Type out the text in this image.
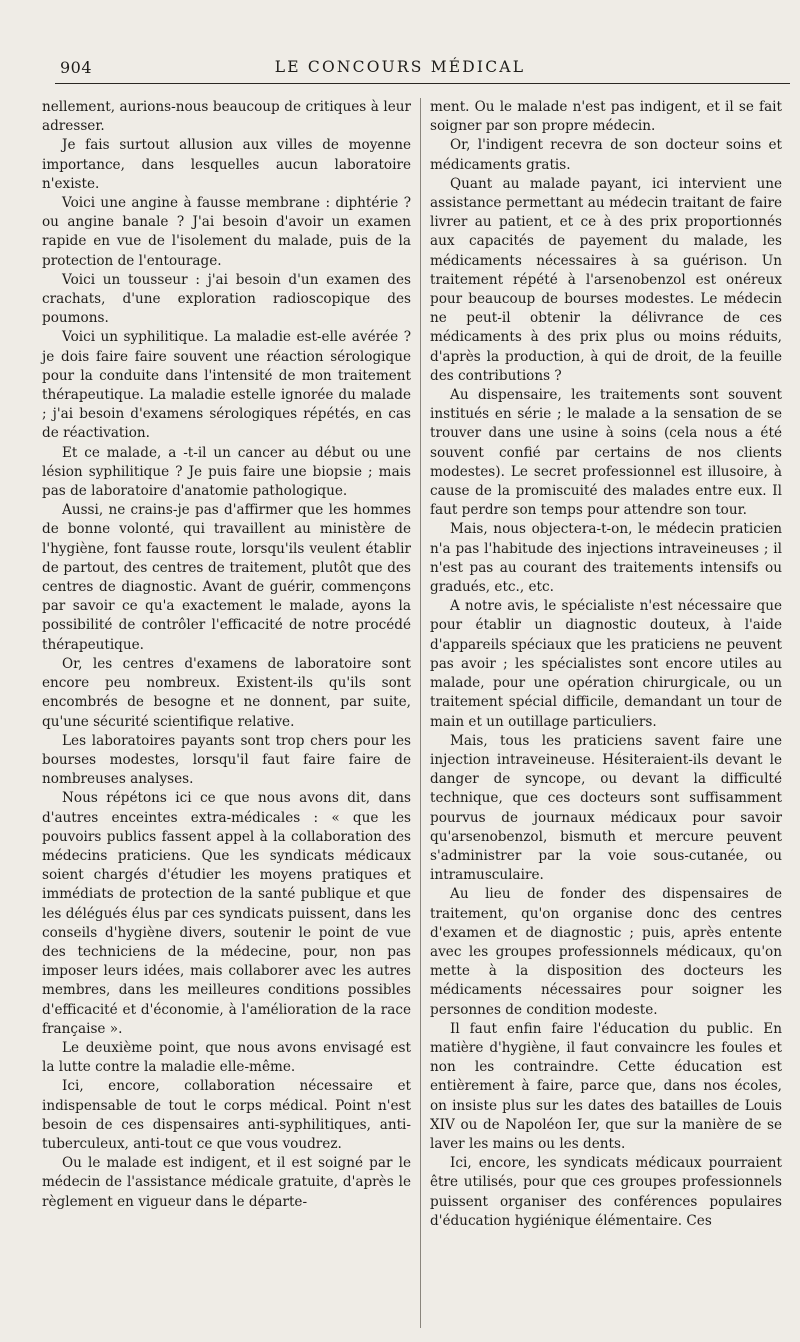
904	LE CONCOURS MÉDICAL

nellement, aurions-nous beaucoup de critiques à leur adresser.

Je fais surtout allusion aux villes de moyenne importance, dans lesquelles aucun laboratoire n'existe.

Voici une angine à fausse membrane : diphtérie ? ou angine banale ? J'ai besoin d'avoir un examen rapide en vue de l'isolement du malade, puis de la protection de l'entourage.

Voici un tousseur : j'ai besoin d'un examen des crachats, d'une exploration radioscopique des poumons.

Voici un syphilitique. La maladie est-elle avérée ? je dois faire faire souvent une réaction sérologique pour la conduite dans l'intensité de mon traitement thérapeutique. La maladie estelle ignorée du malade ; j'ai besoin d'examens sérologiques répétés, en cas de réactivation.

Et ce malade, a -t-il un cancer au début ou une lésion syphilitique ? Je puis faire une biopsie ; mais pas de laboratoire d'anatomie pathologique.

Aussi, ne crains-je pas d'affirmer que les hommes de bonne volonté, qui travaillent au ministère de l'hygiène, font fausse route, lorsqu'ils veulent établir de partout, des centres de traitement, plutôt que des centres de diagnostic. Avant de guérir, commençons par savoir ce qu'a exactement le malade, ayons la possibilité de contrôler l'efficacité de notre procédé thérapeutique.

Or, les centres d'examens de laboratoire sont encore peu nombreux. Existent-ils qu'ils sont encombrés de besogne et ne donnent, par suite, qu'une sécurité scientifique relative.

Les laboratoires payants sont trop chers pour les bourses modestes, lorsqu'il faut faire faire de nombreuses analyses.

Nous répétons ici ce que nous avons dit, dans d'autres enceintes extra-médicales : « que les pouvoirs publics fassent appel à la collaboration des médecins praticiens. Que les syndicats médicaux soient chargés d'étudier les moyens pratiques et immédiats de protection de la santé publique et que les délégués élus par ces syndicats puissent, dans les conseils d'hygiène divers, soutenir le point de vue des techniciens de la médecine, pour, non pas imposer leurs idées, mais collaborer avec les autres membres, dans les meilleures conditions possibles d'efficacité et d'économie, à l'amélioration de la race française ».

Le deuxième point, que nous avons envisagé est la lutte contre la maladie elle-même.

Ici, encore, collaboration nécessaire et indispensable de tout le corps médical. Point n'est besoin de ces dispensaires anti-syphilitiques, anti-tuberculeux, anti-tout ce que vous voudrez.

Ou le malade est indigent, et il est soigné par le médecin de l'assistance médicale gratuite, d'après le règlement en vigueur dans le départe-

ment. Ou le malade n'est pas indigent, et il se fait soigner par son propre médecin.

Or, l'indigent recevra de son docteur soins et médicaments gratis.

Quant au malade payant, ici intervient une assistance permettant au médecin traitant de faire livrer au patient, et ce à des prix proportionnés aux capacités de payement du malade, les médicaments nécessaires à sa guérison. Un traitement répété à l'arsenobenzol est onéreux pour beaucoup de bourses modestes. Le médecin ne peut-il obtenir la délivrance de ces médicaments à des prix plus ou moins réduits, d'après la production, à qui de droit, de la feuille des contributions ?

Au dispensaire, les traitements sont souvent institués en série ; le malade a la sensation de se trouver dans une usine à soins (cela nous a été souvent confié par certains de nos clients modestes). Le secret professionnel est illusoire, à cause de la promiscuité des malades entre eux. Il faut perdre son temps pour attendre son tour.

Mais, nous objectera-t-on, le médecin praticien n'a pas l'habitude des injections intraveineuses ; il n'est pas au courant des traitements intensifs ou gradués, etc., etc.

A notre avis, le spécialiste n'est nécessaire que pour établir un diagnostic douteux, à l'aide d'appareils spéciaux que les praticiens ne peuvent pas avoir ; les spécialistes sont encore utiles au malade, pour une opération chirurgicale, ou un traitement spécial difficile, demandant un tour de main et un outillage particuliers.

Mais, tous les praticiens savent faire une injection intraveineuse. Hésiteraient-ils devant le danger de syncope, ou devant la difficulté technique, que ces docteurs sont suffisamment pourvus de journaux médicaux pour savoir qu'arsenobenzol, bismuth et mercure peuvent s'administrer par la voie sous-cutanée, ou intramusculaire.

Au lieu de fonder des dispensaires de traitement, qu'on organise donc des centres d'examen et de diagnostic ; puis, après entente avec les groupes professionnels médicaux, qu'on mette à la disposition des docteurs les médicaments nécessaires pour soigner les personnes de condition modeste.

Il faut enfin faire l'éducation du public. En matière d'hygiène, il faut convaincre les foules et non les contraindre. Cette éducation est entièrement à faire, parce que, dans nos écoles, on insiste plus sur les dates des batailles de Louis XIV ou de Napoléon Ier, que sur la manière de se laver les mains ou les dents.

Ici, encore, les syndicats médicaux pourraient être utilisés, pour que ces groupes professionnels puissent organiser des conférences populaires d'éducation hygiénique élémentaire. Ces
